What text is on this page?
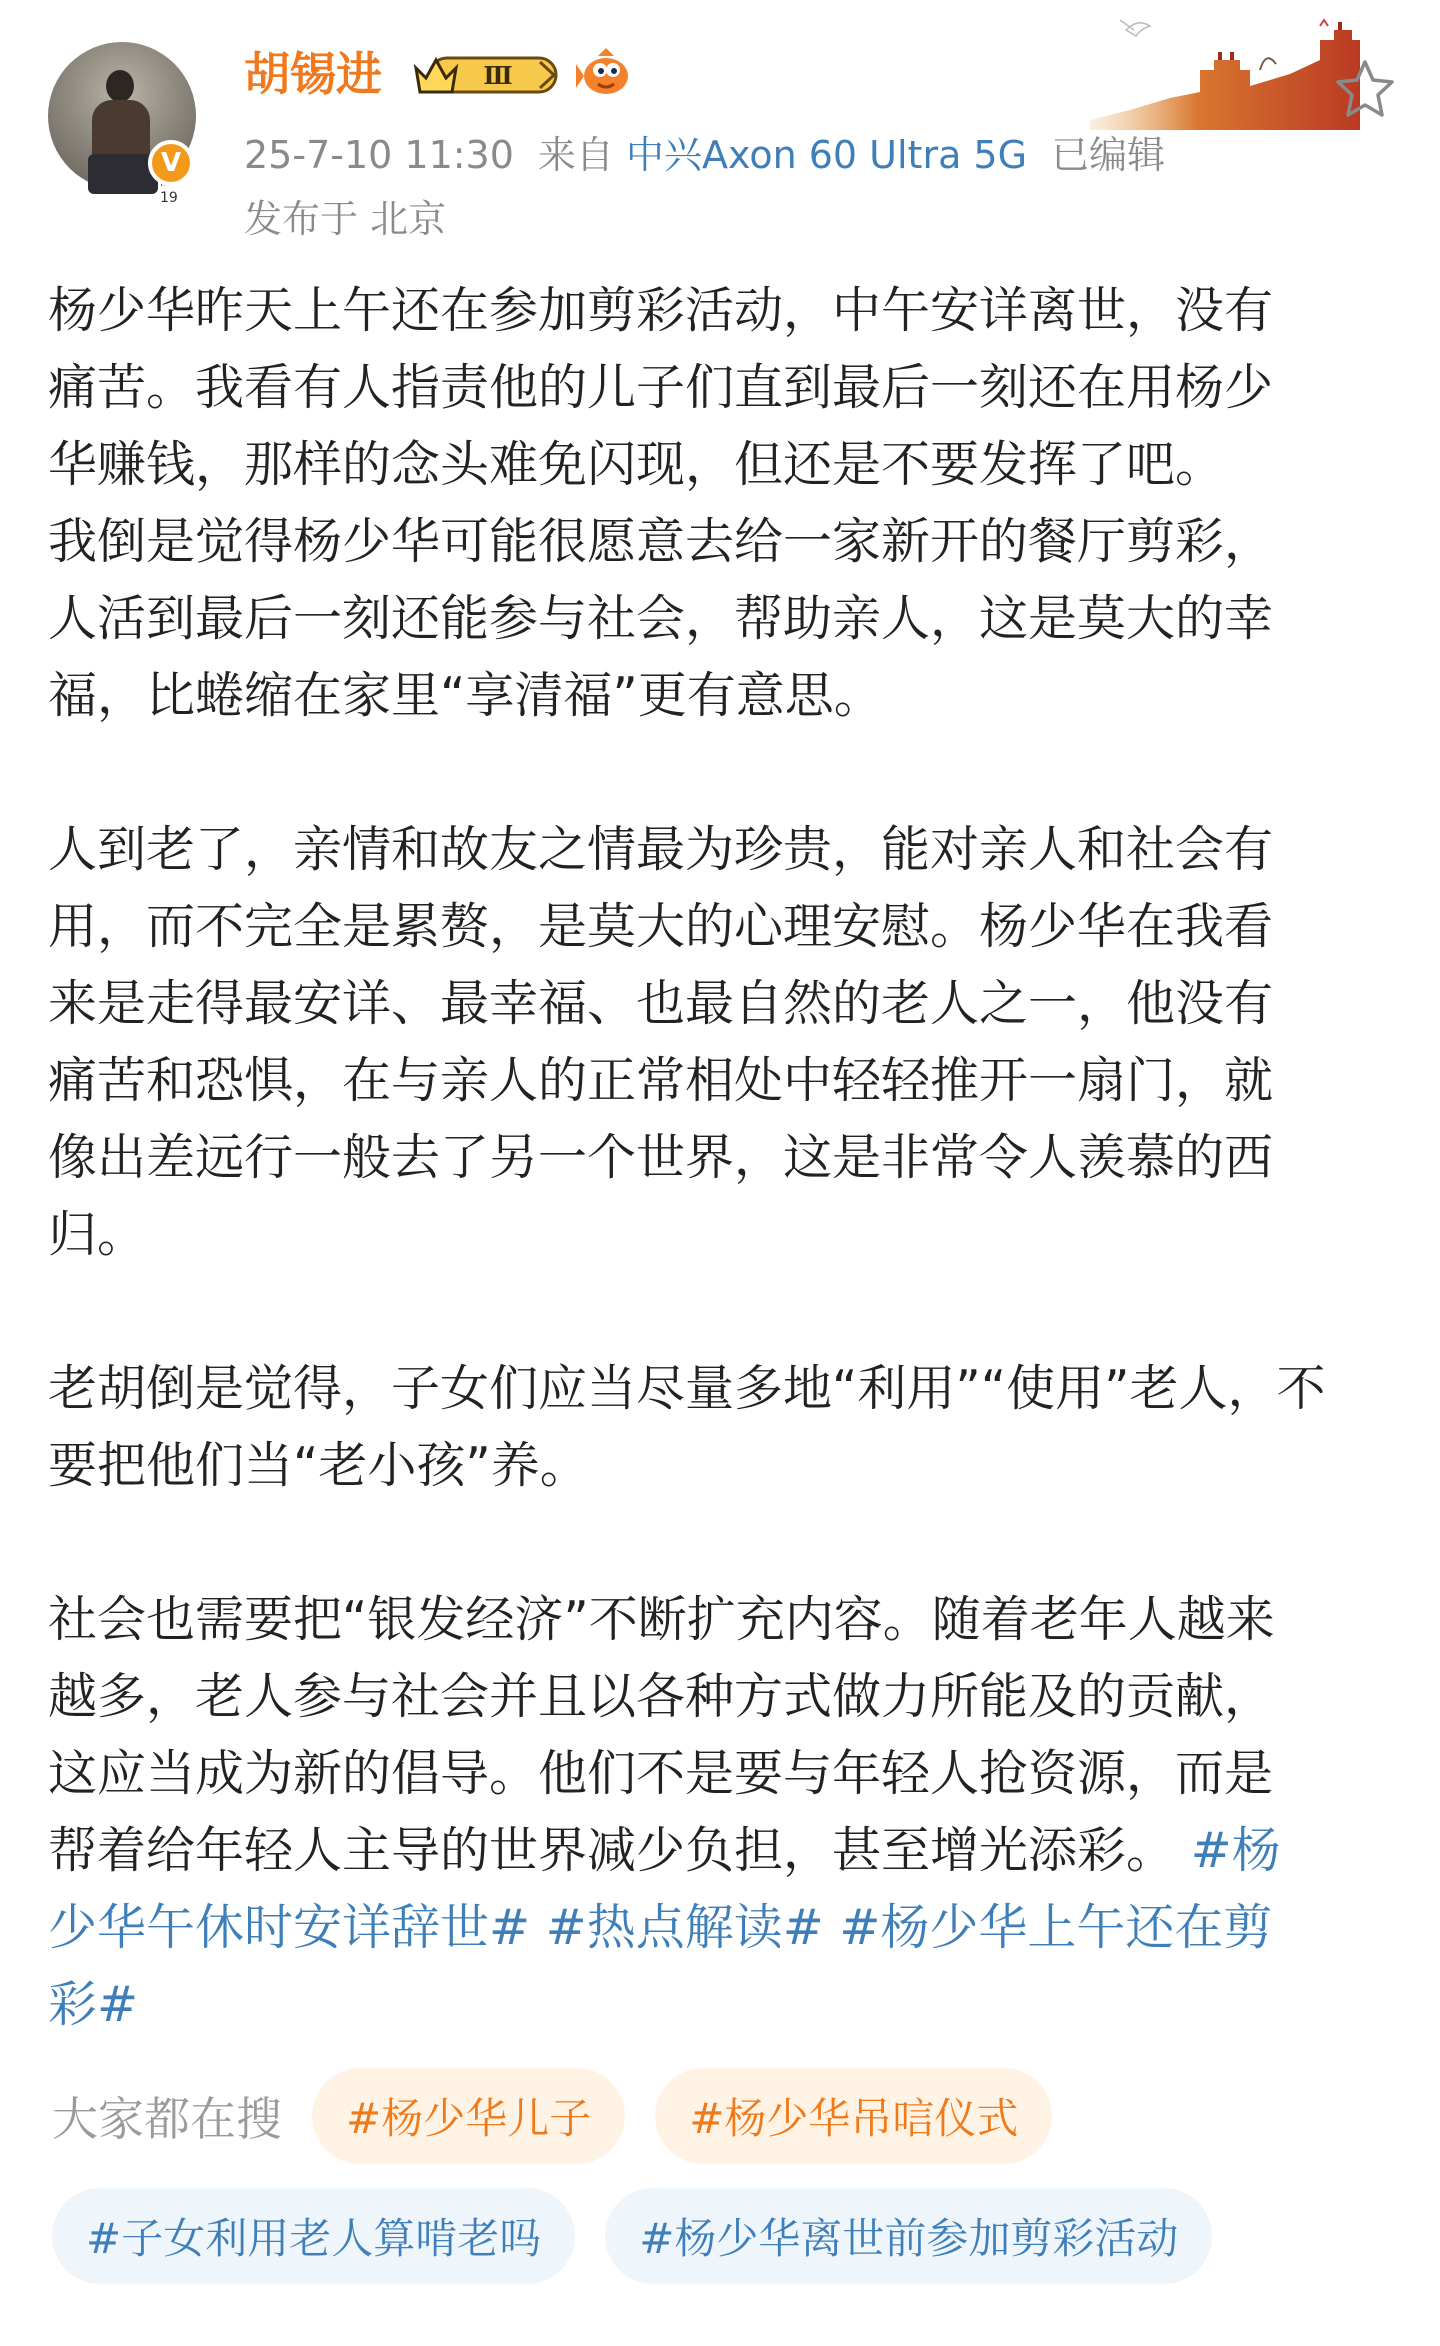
19
V
胡锡进	Ⅲ
25-7-10 11:30 来自 中兴Axon 60 Ultra 5G 已编辑
发布于 北京
杨少华昨天上午还在参加剪彩活动，中午安详离世，没有
痛苦。我看有人指责他的儿子们直到最后一刻还在用杨少
华赚钱，那样的念头难免闪现，但还是不要发挥了吧。
我倒是觉得杨少华可能很愿意去给一家新开的餐厅剪彩，
人活到最后一刻还能参与社会，帮助亲人，这是莫大的幸
福，比蜷缩在家里“享清福”更有意思。
人到老了，亲情和故友之情最为珍贵，能对亲人和社会有
用，而不完全是累赘，是莫大的心理安慰。杨少华在我看
来是走得最安详、最幸福、也最自然的老人之一，他没有
痛苦和恐惧，在与亲人的正常相处中轻轻推开一扇门，就
像出差远行一般去了另一个世界，这是非常令人羡慕的西
归。
老胡倒是觉得，子女们应当尽量多地“利用”“使用”老人，不
要把他们当“老小孩”养。
社会也需要把“银发经济”不断扩充内容。随着老年人越来
越多，老人参与社会并且以各种方式做力所能及的贡献，
这应当成为新的倡导。他们不是要与年轻人抢资源，而是
帮着给年轻人主导的世界减少负担，甚至增光添彩。 #杨
少华午休时安详辞世# #热点解读# #杨少华上午还在剪
彩#
大家都在搜	#杨少华儿子	#杨少华吊唁仪式
#子女利用老人算啃老吗	#杨少华离世前参加剪彩活动
